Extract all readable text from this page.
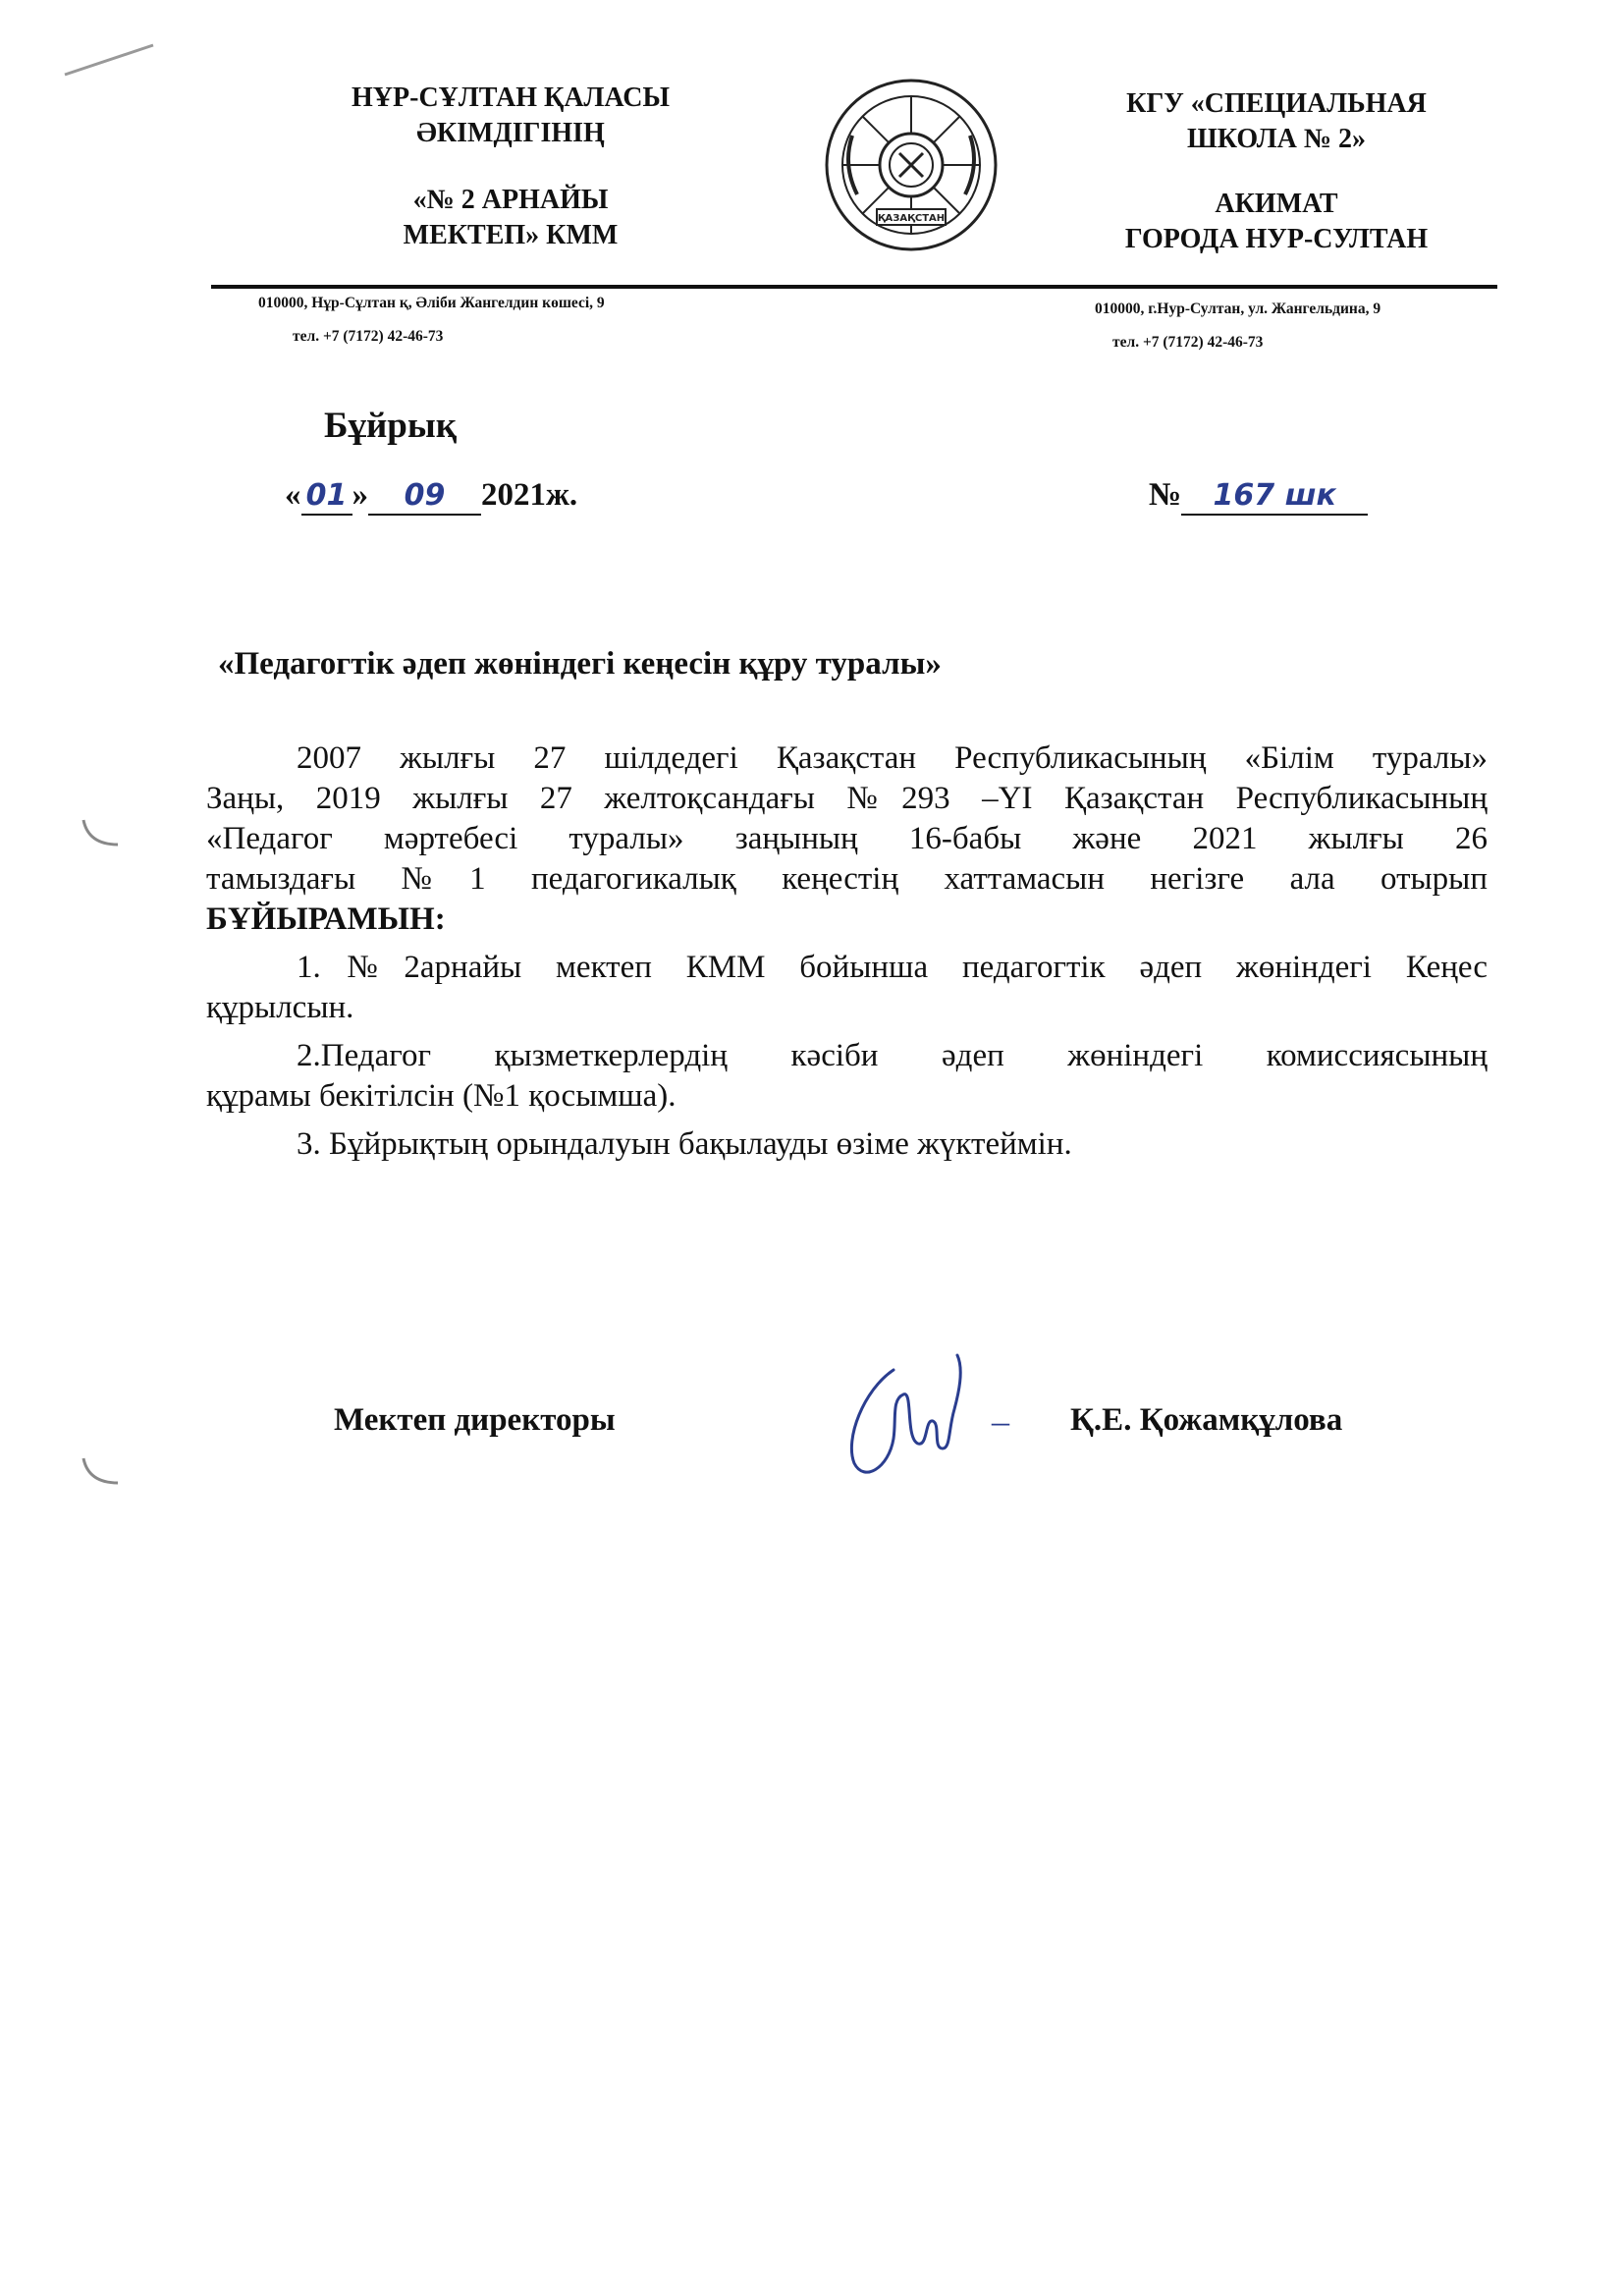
НҰР-СҰЛТАН ҚАЛАСЫ
ӘКІМДІГІНІҢ
«№ 2 АРНАЙЫ
МЕКТЕП» КММ
ҚАЗАҚСТАН
КГУ «СПЕЦИАЛЬНАЯ
ШКОЛА № 2»
АКИМАТ
ГОРОДА НУР-СУЛТАН
010000, Нұр-Сұлтан қ, Әліби Жангелдин көшесі, 9
тел. +7 (7172) 42-46-73
010000, г.Нур-Султан, ул. Жангельдина, 9
тел. +7 (7172) 42-46-73
Бұйрық
« 01 » 09 2021ж.	№ 167 шк
«Педагогтік әдеп жөніндегі кеңесін құру туралы»
2007 жылғы 27 шілдедегі Қазақстан Республикасының «Білім туралы»
Заңы, 2019 жылғы 27 желтоқсандағы №293 –YI Қазақстан Республикасының
«Педагог мәртебесі туралы» заңының 16-бабы және 2021 жылғы 26
тамыздағы №1 педагогикалық кеңестің хаттамасын негізге ала отырып
БҰЙЫРАМЫН:
1.№2арнайы мектеп КММ бойынша педагогтік әдеп жөніндегі Кеңес
құрылсын.
2.Педагог қызметкерлердің кәсіби әдеп жөніндегі комиссиясының
құрамы бекітілсін (№1 қосымша).
3. Бұйрықтың орындалуын бақылауды өзіме жүктеймін.
Мектеп директоры	– Қ.Е. Қожамқұлова
